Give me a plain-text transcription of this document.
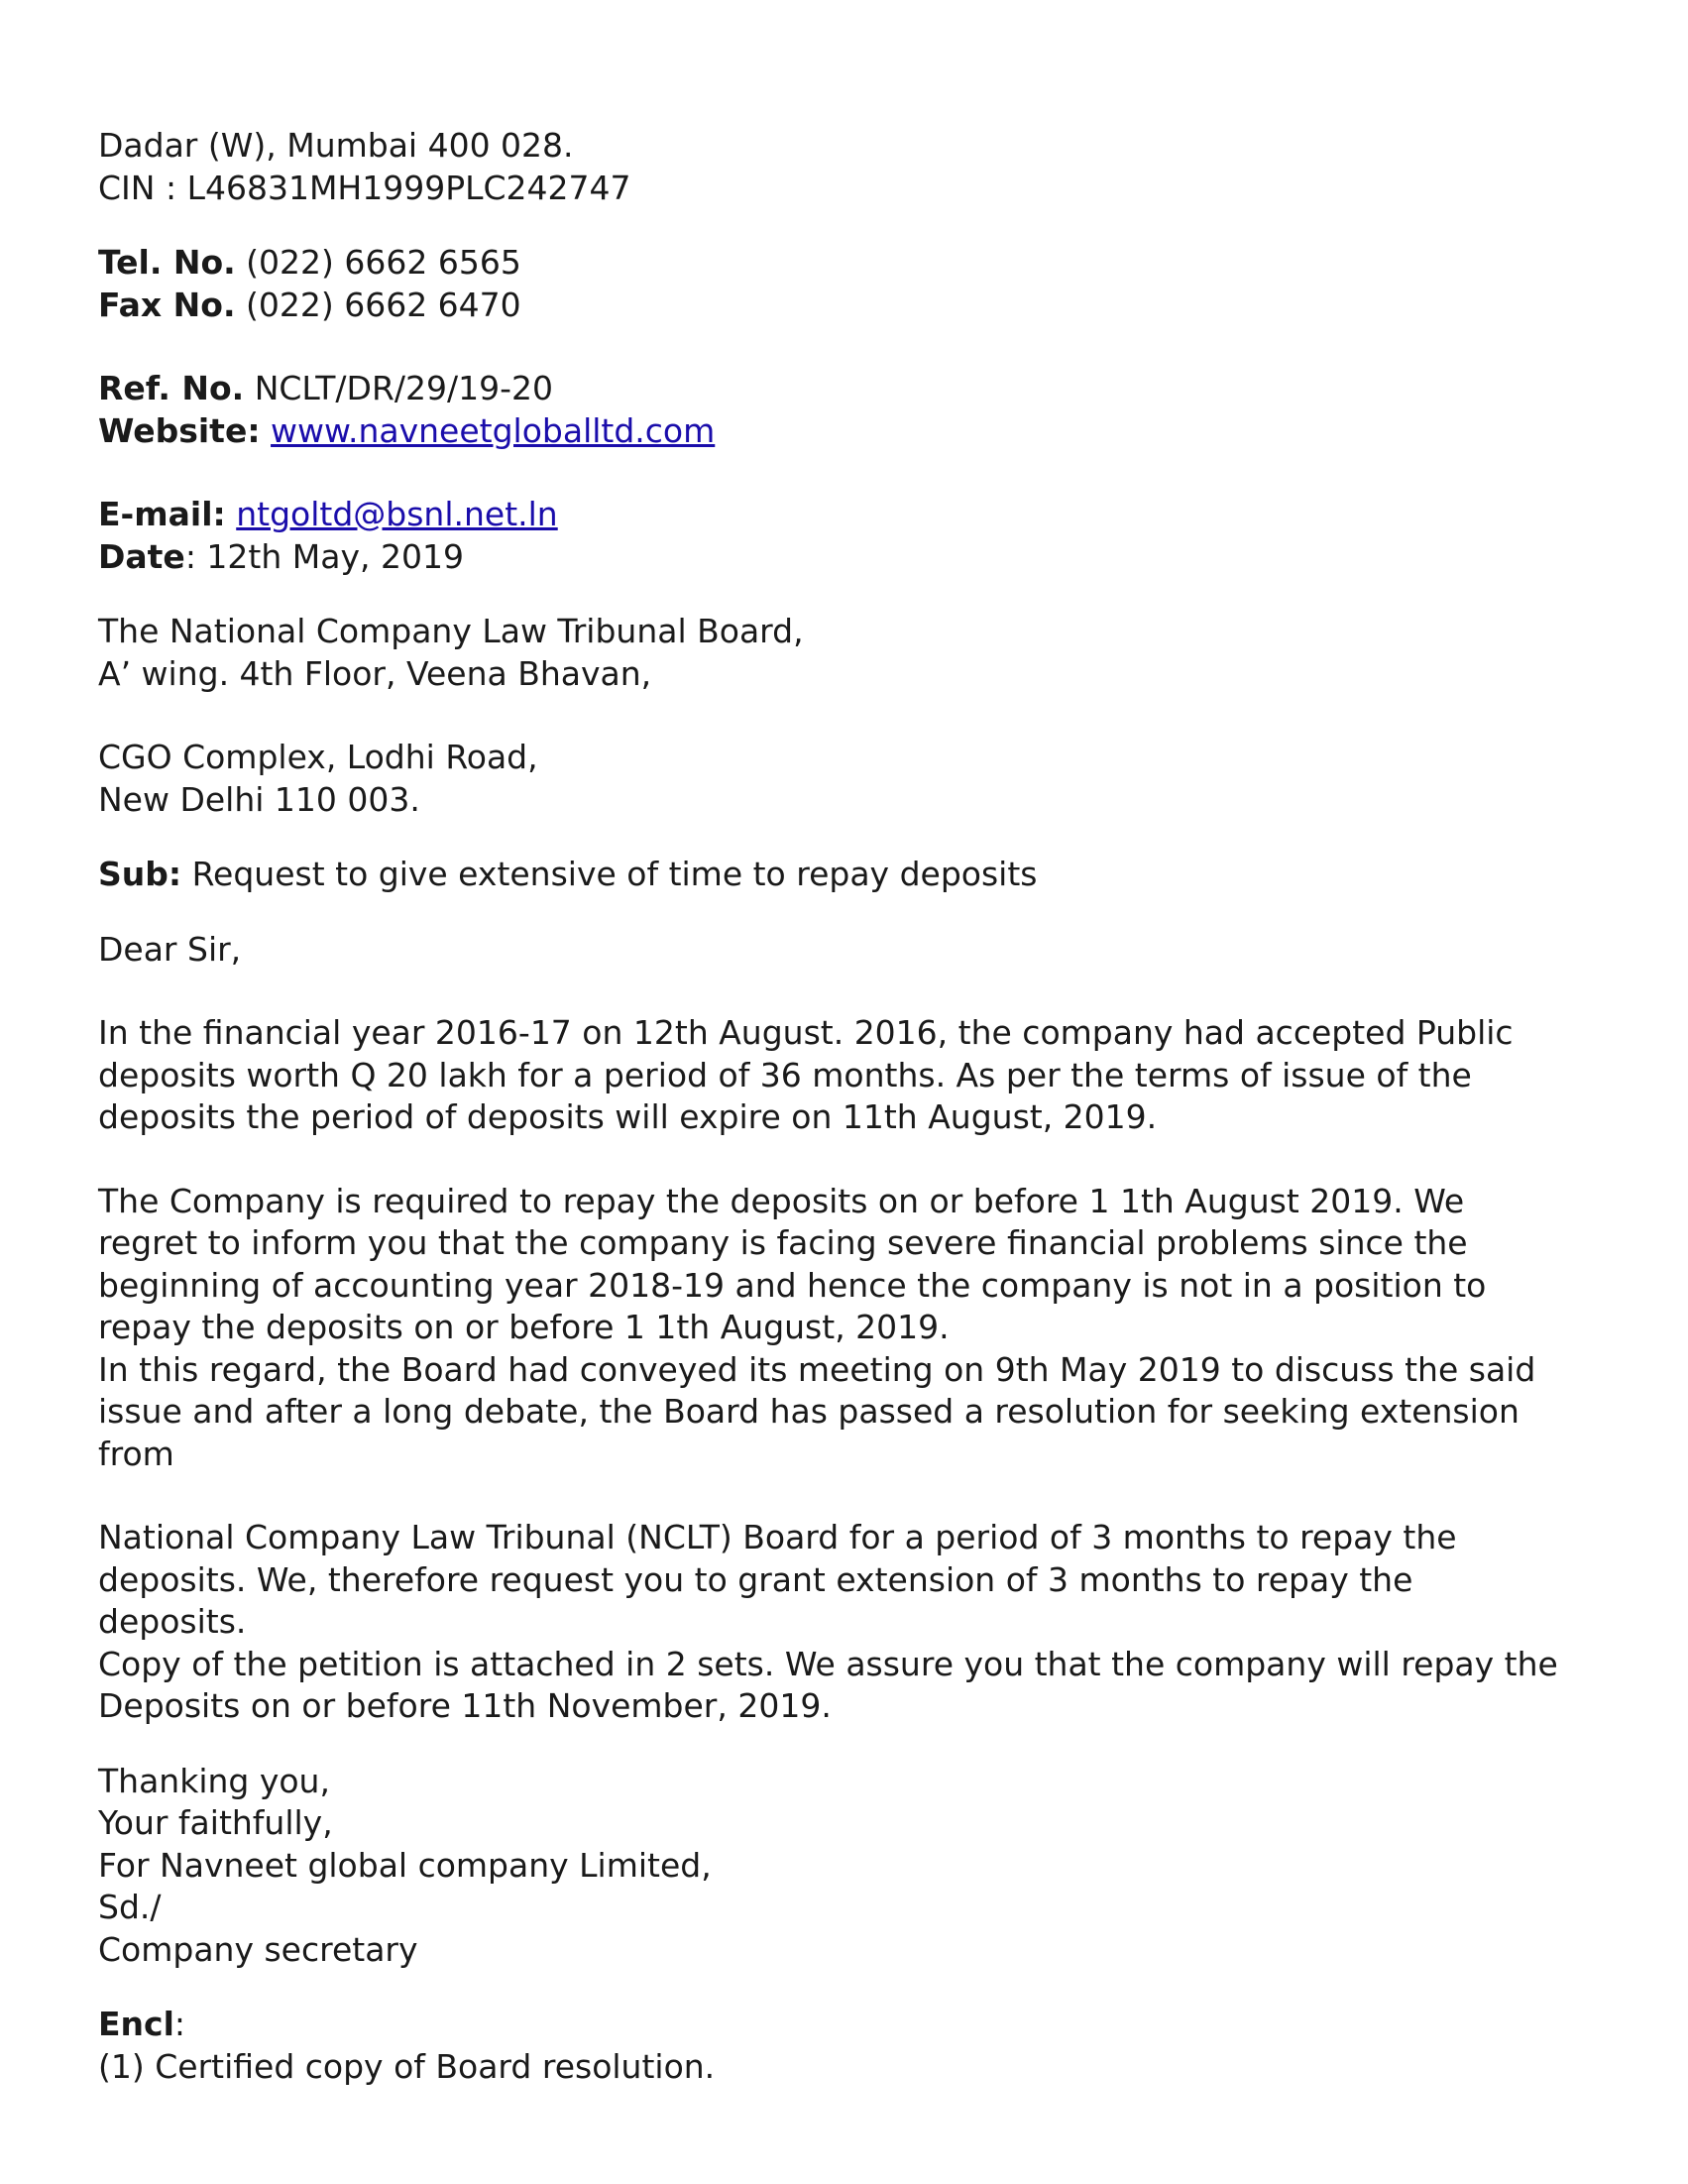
Dadar (W), Mumbai 400 028.
CIN : L46831MH1999PLC242747
Tel. No. (022) 6662 6565
Fax No. (022) 6662 6470
Ref. No. NCLT/DR/29/19-20
Website: www.navneetgloballtd.com
E-mail: ntgoltd@bsnl.net.ln
Date: 12th May, 2019
The National Company Law Tribunal Board,
A’ wing. 4th Floor, Veena Bhavan,
CGO Complex, Lodhi Road,
New Delhi 110 003.
Sub: Request to give extensive of time to repay deposits
Dear Sir,
In the financial year 2016-17 on 12th August. 2016, the company had accepted Public
deposits worth Q 20 lakh for a period of 36 months. As per the terms of issue of the
deposits the period of deposits will expire on 11th August, 2019.
The Company is required to repay the deposits on or before 1 1th August 2019. We
regret to inform you that the company is facing severe financial problems since the
beginning of accounting year 2018-19 and hence the company is not in a position to
repay the deposits on or before 1 1th August, 2019.
In this regard, the Board had conveyed its meeting on 9th May 2019 to discuss the said
issue and after a long debate, the Board has passed a resolution for seeking extension
from
National Company Law Tribunal (NCLT) Board for a period of 3 months to repay the
deposits. We, therefore request you to grant extension of 3 months to repay the
deposits.
Copy of the petition is attached in 2 sets. We assure you that the company will repay the
Deposits on or before 11th November, 2019.
Thanking you,
Your faithfully,
For Navneet global company Limited,
Sd./
Company secretary
Encl:
(1) Certified copy of Board resolution.
